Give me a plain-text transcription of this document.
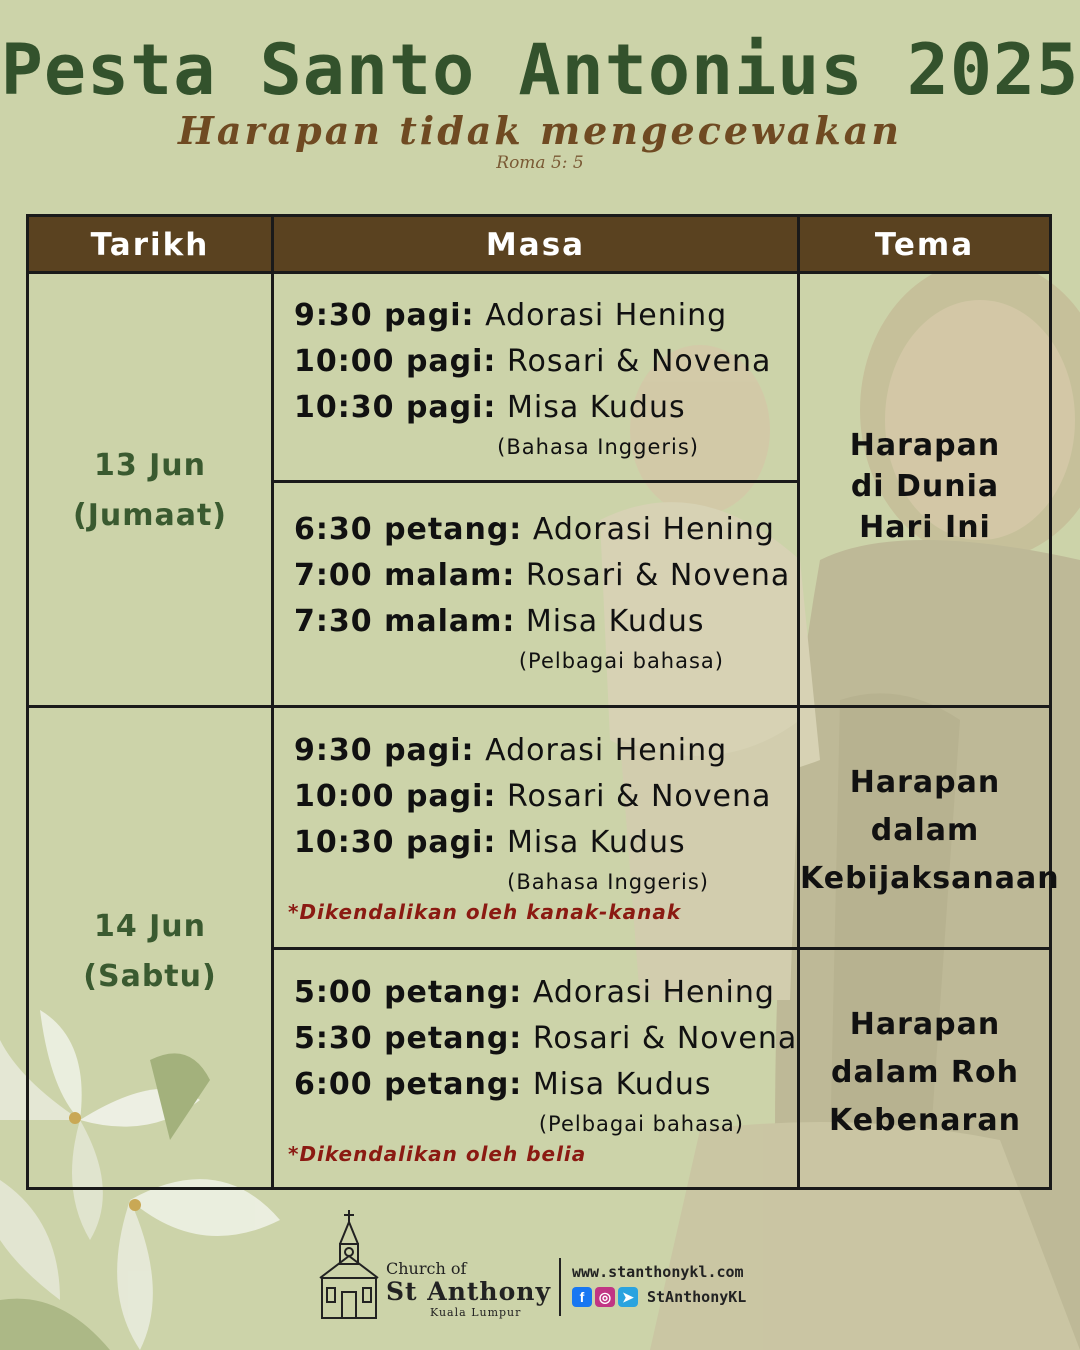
Pesta Santo Antonius 2025
Harapan tidak mengecewakan
Roma 5: 5
Tarikh	Masa	Tema
13 Jun
(Jumaat)
Harapan
di Dunia
Hari Ini
9:30 pagi: Adorasi Hening
10:00 pagi: Rosari & Novena
10:30 pagi: Misa Kudus
(Bahasa Inggeris)
6:30 petang: Adorasi Hening
7:00 malam: Rosari & Novena
7:30 malam: Misa Kudus
(Pelbagai bahasa)
14 Jun
(Sabtu)
Harapan
dalam
Kebijaksanaan
Harapan
dalam Roh
Kebenaran
9:30 pagi: Adorasi Hening
10:00 pagi: Rosari & Novena
10:30 pagi: Misa Kudus
(Bahasa Inggeris)
*Dikendalikan oleh kanak-kanak
5:00 petang: Adorasi Hening
5:30 petang: Rosari & Novena
6:00 petang: Misa Kudus
(Pelbagai bahasa)
*Dikendalikan oleh belia
Church of
St Anthony
Kuala Lumpur
www.stanthonykl.com
f ◎ ➤ StAnthonyKL
